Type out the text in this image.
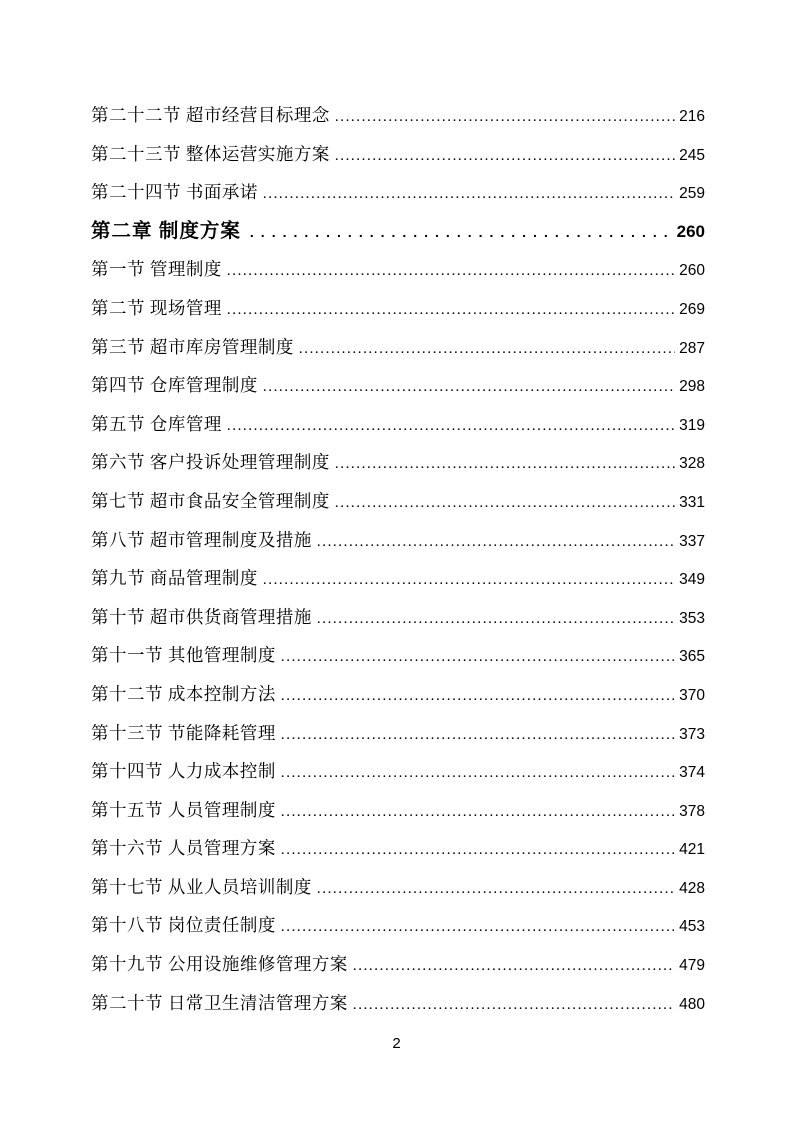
第二十二节 超市经营目标理念 .....	216
第二十三节 整体运营实施方案 .....	245
第二十四节 书面承诺 .....	259
第二章 制度方案 .....	260
第一节 管理制度 .....	260
第二节 现场管理 .....	269
第三节 超市库房管理制度 .....	287
第四节 仓库管理制度 .....	298
第五节 仓库管理 .....	319
第六节 客户投诉处理管理制度 .....	328
第七节 超市食品安全管理制度 .....	331
第八节 超市管理制度及措施 .....	337
第九节 商品管理制度 .....	349
第十节 超市供货商管理措施 .....	353
第十一节 其他管理制度 .....	365
第十二节 成本控制方法 .....	370
第十三节 节能降耗管理 .....	373
第十四节 人力成本控制 .....	374
第十五节 人员管理制度 .....	378
第十六节 人员管理方案 .....	421
第十七节 从业人员培训制度 .....	428
第十八节 岗位责任制度 .....	453
第十九节 公用设施维修管理方案 .....	479
第二十节 日常卫生清洁管理方案 .....	480
2
